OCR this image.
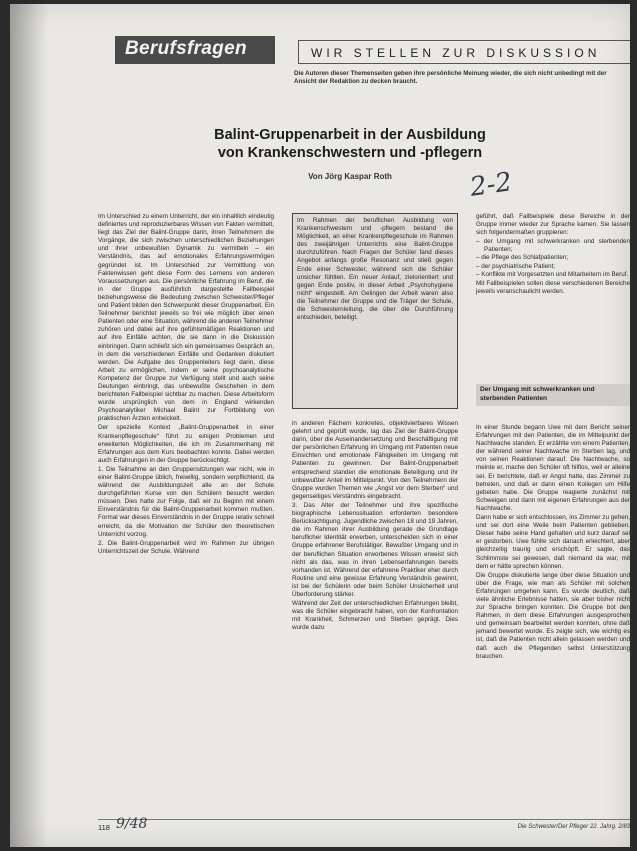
Berufsfragen	WIR STELLEN ZUR DISKUSSION
Die Autoren dieser Themenseiten geben ihre persönliche Meinung wieder, die sich nicht unbedingt mit der Ansicht der Redaktion zu decken braucht.
Balint-Gruppenarbeit in der Ausbildung
von Krankenschwestern und -pflegern
Von Jörg Kaspar Roth	2-2

Im Unterschied zu einem Unterricht, der ein inhaltlich eindeutig definiertes und reproduzierbares Wissen von Fakten vermittelt, liegt das Ziel der Balint-Gruppe darin, ihren Teilnehmern die Vorgänge, die sich zwischen unterschiedlichen Beziehungen und ihrer unbewußten Dynamik zu vermitteln – ein Verständnis, das auf emotionales Erfahrungsvermögen gegründet ist. Im Unterschied zur Vermittlung von Faktenwissen geht diese Form des Lernens von anderen Voraussetzungen aus. Die persönliche Erfahrung im Beruf, die in der Gruppe ausführlich dargestellte Fallbeispiel beziehungsweise die Bedeutung zwischen Schwester/Pfleger und Patient bilden den Schwerpunkt dieser Gruppenarbeit. Ein Teilnehmer berichtet jeweils so frei wie möglich über einen Patienten oder eine Situation, während die anderen Teilnehmer zuhören und dabei auf ihre gefühlsmäßigen Reaktionen und auf ihre Einfälle achten, die sie dann in die Diskussion einbringen. Dann schließt sich ein gemeinsames Gespräch an, in dem die verschiedenen Einfälle und Gedanken diskutiert werden. Die Aufgabe des Gruppenleiters liegt darin, diese Arbeit zu ermöglichen, indem er seine psychoanalytische Kompetenz der Gruppe zur Verfügung stellt und auch seine Deutungen einbringt, das unbewußte Geschehen in dem berichteten Fallbeispiel sichtbar zu machen. Diese Arbeitsform wurde ursprünglich von dem in England wirkenden Psychoanalytiker Michael Balint zur Fortbildung von praktischen Ärzten entwickelt.

Der spezielle Kontext „Balint-Gruppenarbeit in einer Krankenpflegeschule“ führt zu einigen Problemen und erweiterten Möglichkeiten, die ich im Zusammenhang mit Erfahrungen aus dem Kurs beobachten konnte. Dabei werden auch Erfahrungen in der Gruppe berücksichtigt.

1. Die Teilnahme an den Gruppensitzungen war nicht, wie in einer Balint-Gruppe üblich, freiwillig, sondern verpflichtend, da während der Ausbildungszeit alle an der Schule durchgeführten Kurse von den Schülern besucht werden müssen. Dies hatte zur Folge, daß wir zu Beginn mit einem Einverständnis für die Balint-Gruppenarbeit kommen mußten. Formal war dieses Einverständnis in der Gruppe relativ schnell erreicht, da die Motivation der Schüler den theoretischen Unterricht vorzog.

2. Die Balint-Gruppenarbeit wird im Rahmen zur übrigen Unterrichtszeit der Schule. Während

Im Rahmen der beruflichen Ausbildung von Krankenschwestern und -pflegern bestand die Möglichkeit, an einer Krankenpflegeschule im Rahmen des zweijährigen Unterrichts eine Balint-Gruppe durchzuführen. Nach Fragen der Schüler fand dieses Angebot anfangs große Resonanz und stieß gegen Ende einer Schwester, während sich die Schüler unsicher fühlten. Ein neuer Anlauf, zielorientiert und gegen Ende positiv, in dieser Arbeit „Psychohygiene nicht“ eingestellt. Am Gelingen der Arbeit waren also die Teilnehmer der Gruppe und die Träger der Schule, die Schwesternleitung, die über die Durchführung entschieden, beteiligt.

in anderen Fächern konkretes, objektivierbares Wissen gelehrt und geprüft wurde, lag das Ziel der Balint-Gruppe darin, über die Auseinandersetzung und Beschäftigung mit der persönlichen Erfahrung im Umgang mit Patienten neue Einsichten und emotionale Fähigkeiten im Umgang mit Patienten zu gewinnen. Der Balint-Gruppenarbeit entsprechend standen die emotionale Beteiligung und ihr unbewußter Anteil im Mittelpunkt. Von den Teilnehmern der Gruppe wurden Themen wie „Angst vor dem Sterben“ und gegenseitiges Verständnis eingebracht.

3. Das Alter der Teilnehmer und ihre spezifische biographische Lebenssituation erforderten besondere Berücksichtigung. Jugendliche zwischen 18 und 19 Jahren, die im Rahmen ihrer Ausbildung gerade die Grundlage beruflicher Identität erwerben, unterscheiden sich in einer Gruppe erfahrener Berufstätiger. Bewußter Umgang und in der beruflichen Situation erworbenes Wissen erweist sich nicht als das, was in ihren Lebenserfahrungen bereits vorhanden ist. Während der erfahrene Praktiker eher durch Routine und eine gewisse Erfahrung Verständnis gewinnt, ist bei der Schülerin oder beim Schüler Unsicherheit und Überforderung stärker.

Während der Zeit der unterschiedlichen Erfahrungen bleibt, was die Schüler eingebracht haben, von der Konfrontation mit Krankheit, Schmerzen und Sterben geprägt. Dies wurde dazu

geführt, daß Fallbeispiele diese Bereiche in der Gruppe immer wieder zur Sprache kamen. Sie lassen sich folgendermaßen gruppieren:

– der Umgang mit schwerkranken und sterbenden Patienten;
– die Pflege des Schlafpatienten;
– der psychiatrische Patient;
– Konflikte mit Vorgesetzten und Mitarbeitern im Beruf.

Mit Fallbeispielen sollen diese verschiedenen Bereiche jeweils veranschaulicht werden.

Der Umgang mit schwerkranken und sterbenden Patienten

In einer Stunde begann Uwe mit dem Bericht seiner Erfahrungen mit den Patienten, die im Mittelpunkt der Nachtwache standen. Er erzählte von einem Patienten, der während seiner Nachtwache im Sterben lag, und von seinen Reaktionen darauf. Die Nachtwache, so meinte er, mache den Schüler oft hilflos, weil er alleine sei. Er berichtete, daß er Angst hatte, das Zimmer zu betreten, und daß er dann einen Kollegen um Hilfe gebeten habe. Die Gruppe reagierte zunächst mit Schweigen und dann mit eigenen Erfahrungen aus der Nachtwache.

Dann habe er sich entschlossen, ins Zimmer zu gehen, und sei dort eine Weile beim Patienten geblieben. Dieser habe seine Hand gehalten und kurz darauf sei er gestorben. Uwe fühlte sich danach erleichtert, aber gleichzeitig traurig und erschöpft. Er sagte, das Schlimmste sei gewesen, daß niemand da war, mit dem er hätte sprechen können.

Die Gruppe diskutierte lange über diese Situation und über die Frage, wie man als Schüler mit solchen Erfahrungen umgehen kann. Es wurde deutlich, daß viele ähnliche Erlebnisse hatten, sie aber bisher nicht zur Sprache bringen konnten. Die Gruppe bot den Rahmen, in dem diese Erfahrungen ausgesprochen und gemeinsam bearbeitet werden konnten, ohne daß jemand bewertet wurde. Es zeigte sich, wie wichtig es ist, daß die Patienten nicht allein gelassen werden und daß auch die Pflegenden selbst Unterstützung brauchen.

118 9/48	Die Schwester/Der Pfleger 22. Jahrg. 2/83
